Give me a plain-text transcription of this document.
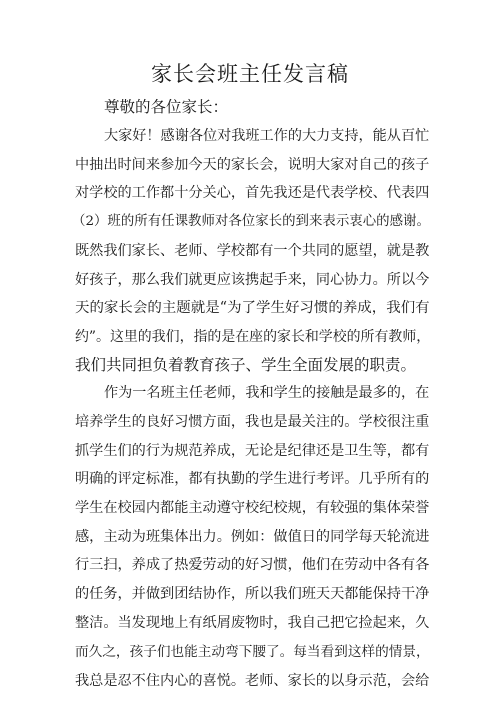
家长会班主任发言稿

尊敬的各位家长：

大家好！感谢各位对我班工作的大力支持，能从百忙

中抽出时间来参加今天的家长会，说明大家对自己的孩子

对学校的工作都十分关心，首先我还是代表学校、代表四

（2）班的所有任课教师对各位家长的到来表示衷心的感谢。

既然我们家长、老师、学校都有一个共同的愿望，就是教

好孩子，那么我们就更应该携起手来，同心协力。所以今

天的家长会的主题就是“为了学生好习惯的养成，我们有

约”。这里的我们，指的是在座的家长和学校的所有教师，

我们共同担负着教育孩子、学生全面发展的职责。

作为一名班主任老师，我和学生的接触是最多的，在

培养学生的良好习惯方面，我也是最关注的。学校很注重

抓学生们的行为规范养成，无论是纪律还是卫生等，都有

明确的评定标准，都有执勤的学生进行考评。几乎所有的

学生在校园内都能主动遵守校纪校规，有较强的集体荣誉

感，主动为班集体出力。例如：做值日的同学每天轮流进

行三扫，养成了热爱劳动的好习惯，他们在劳动中各有各

的任务，并做到团结协作，所以我们班天天都能保持干净

整洁。当发现地上有纸屑废物时，我自己把它捡起来，久

而久之，孩子们也能主动弯下腰了。每当看到这样的情景，

我总是忍不住内心的喜悦。老师、家长的以身示范，会给
